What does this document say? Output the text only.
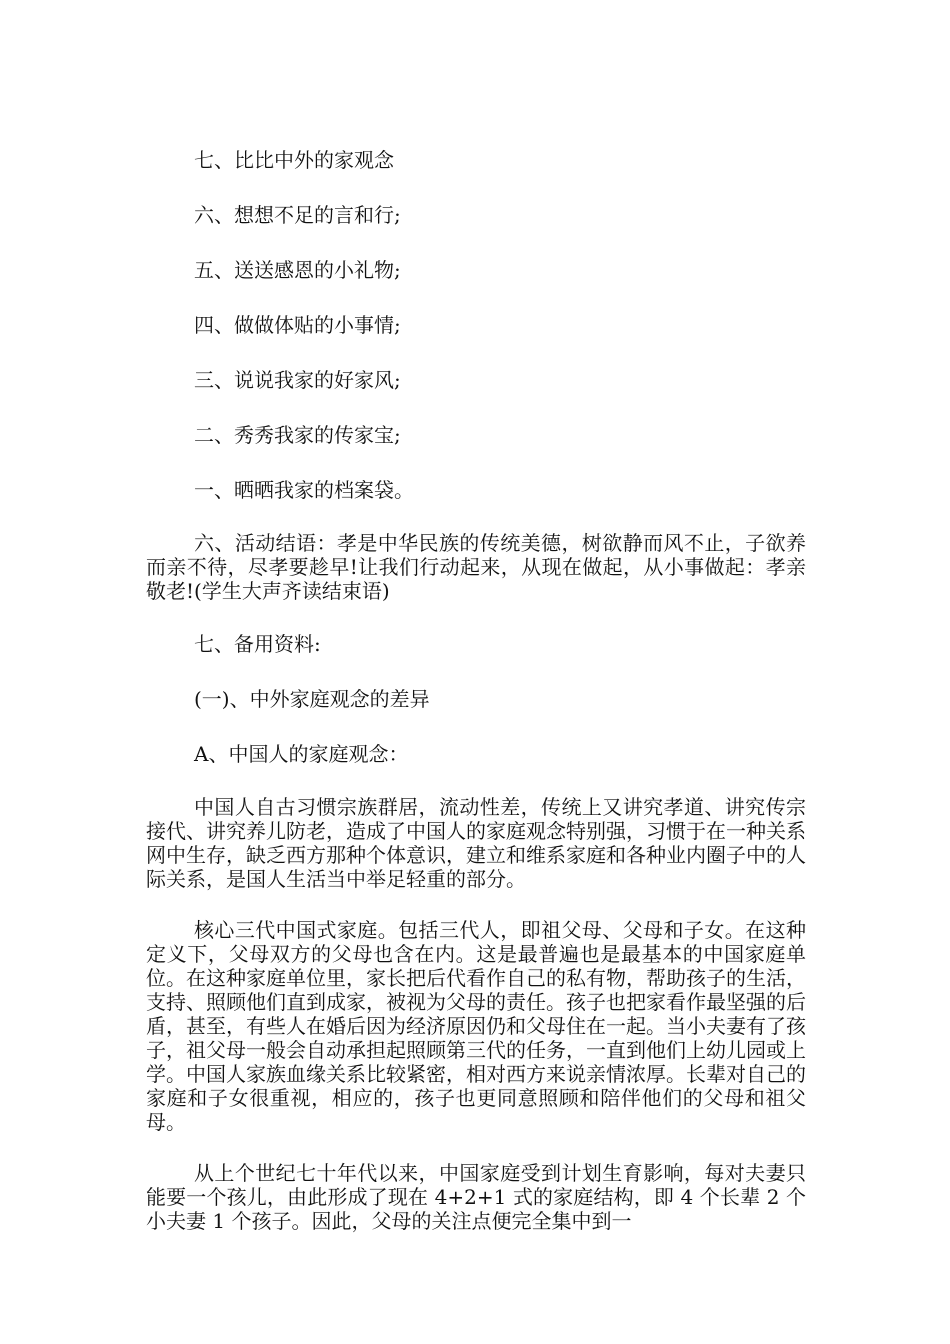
七、比比中外的家观念
六、想想不足的言和行;
五、送送感恩的小礼物;
四、做做体贴的小事情;
三、说说我家的好家风;
二、秀秀我家的传家宝;
一、晒晒我家的档案袋。

六、活动结语：孝是中华民族的传统美德，树欲静而风不止，子欲养而亲不待，尽孝要趁早!让我们行动起来，从现在做起，从小事做起：孝亲敬老!(学生大声齐读结束语)

七、备用资料:
(一)、中外家庭观念的差异
A、中国人的家庭观念：

中国人自古习惯宗族群居，流动性差，传统上又讲究孝道、讲究传宗接代、讲究养儿防老，造成了中国人的家庭观念特别强，习惯于在一种关系网中生存，缺乏西方那种个体意识，建立和维系家庭和各种业内圈子中的人际关系，是国人生活当中举足轻重的部分。

核心三代中国式家庭。包括三代人，即祖父母、父母和子女。在这种定义下，父母双方的父母也含在内。这是最普遍也是最基本的中国家庭单位。在这种家庭单位里，家长把后代看作自己的私有物，帮助孩子的生活，支持、照顾他们直到成家，被视为父母的责任。孩子也把家看作最坚强的后盾，甚至，有些人在婚后因为经济原因仍和父母住在一起。当小夫妻有了孩子，祖父母一般会自动承担起照顾第三代的任务，一直到他们上幼儿园或上学。中国人家族血缘关系比较紧密，相对西方来说亲情浓厚。长辈对自己的家庭和子女很重视，相应的，孩子也更同意照顾和陪伴他们的父母和祖父母。

从上个世纪七十年代以来，中国家庭受到计划生育影响，每对夫妻只能要一个孩儿，由此形成了现在 4+2+1 式的家庭结构，即 4 个长辈 2 个小夫妻 1 个孩子。因此，父母的关注点便完全集中到一
